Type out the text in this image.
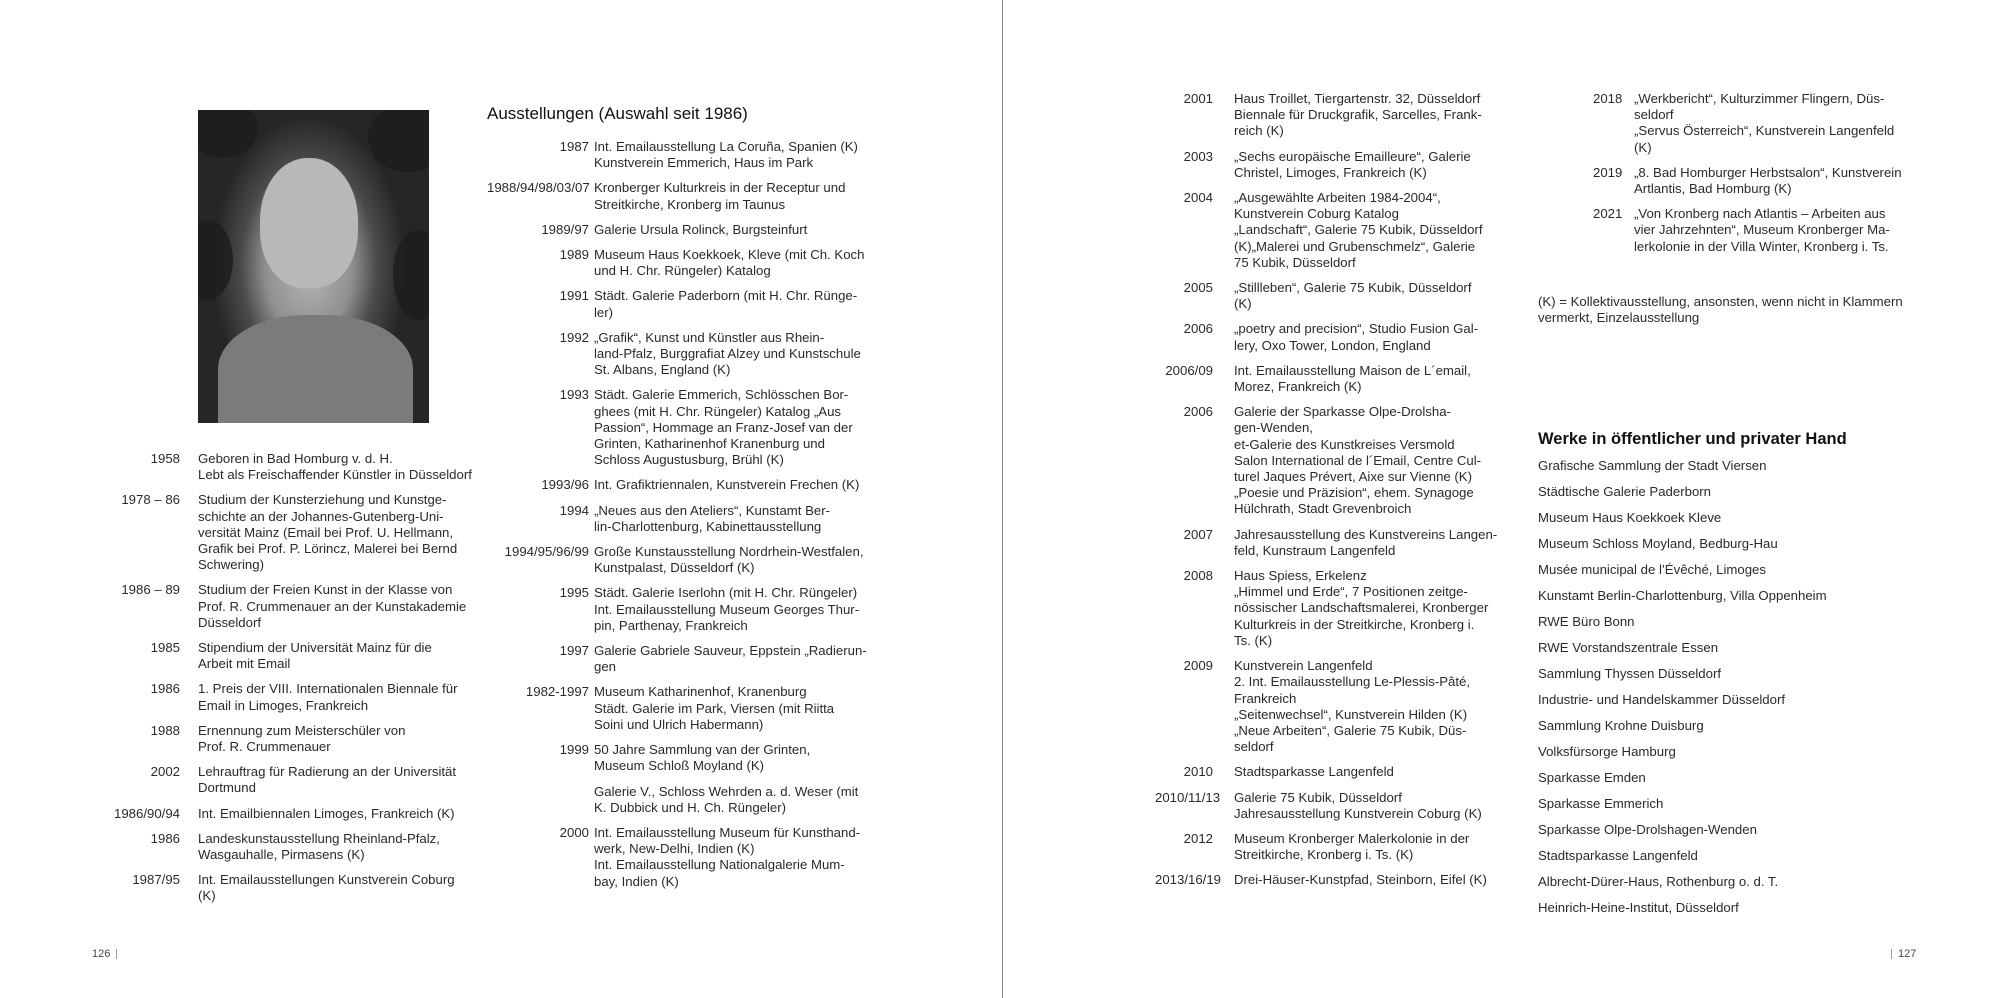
1958	Geboren in Bad Homburg v. d. H.
Lebt als Freischaffender Künstler in Düsseldorf
1978 – 86	Studium der Kunsterziehung und Kunstge-
schichte an der Johannes-Gutenberg-Uni-
versität Mainz (Email bei Prof. U. Hellmann,
Grafik bei Prof. P. Lörincz, Malerei bei Bernd
Schwering)
1986 – 89	Studium der Freien Kunst in der Klasse von
Prof. R. Crummenauer an der Kunstakademie
Düsseldorf
1985	Stipendium der Universität Mainz für die
Arbeit mit Email
1986	1. Preis der VIII. Internationalen Biennale für
Email in Limoges, Frankreich
1988	Ernennung zum Meisterschüler von
Prof. R. Crummenauer
2002	Lehrauftrag für Radierung an der Universität
Dortmund
1986/90/94	Int. Emailbiennalen Limoges, Frankreich (K)
1986	Landeskunstausstellung Rheinland-Pfalz,
Wasgauhalle, Pirmasens (K)
1987/95	Int. Emailausstellungen Kunstverein Coburg
(K)
Ausstellungen (Auswahl seit 1986)
1987 Int. Emailausstellung La Coruña, Spanien (K)
Kunstverein Emmerich, Haus im Park
1988/94/98/03/07 Kronberger Kulturkreis in der Receptur und
Streitkirche, Kronberg im Taunus
1989/97 Galerie Ursula Rolinck, Burgsteinfurt
1989 Museum Haus Koekkoek, Kleve (mit Ch. Koch
und H. Chr. Rüngeler) Katalog
1991 Städt. Galerie Paderborn (mit H. Chr. Rünge-
ler)
1992 „Grafik“, Kunst und Künstler aus Rhein-
land-Pfalz, Burggrafiat Alzey und Kunstschule
St. Albans, England (K)
1993 Städt. Galerie Emmerich, Schlösschen Bor-
ghees (mit H. Chr. Rüngeler) Katalog „Aus
Passion“, Hommage an Franz-Josef van der
Grinten, Katharinenhof Kranenburg und
Schloss Augustusburg, Brühl (K)
1993/96 Int. Grafiktriennalen, Kunstverein Frechen (K)
1994 „Neues aus den Ateliers“, Kunstamt Ber-
lin-Charlottenburg, Kabinettausstellung
1994/95/96/99 Große Kunstausstellung Nordrhein-Westfalen,
Kunstpalast, Düsseldorf (K)
1995 Städt. Galerie Iserlohn (mit H. Chr. Rüngeler)
Int. Emailausstellung Museum Georges Thur-
pin, Parthenay, Frankreich
1997 Galerie Gabriele Sauveur, Eppstein „Radierun-
gen
1982-1997 Museum Katharinenhof, Kranenburg
Städt. Galerie im Park, Viersen (mit Riitta
Soini und Ulrich Habermann)
1999 50 Jahre Sammlung van der Grinten,
Museum Schloß Moyland (K)
Galerie V., Schloss Wehrden a. d. Weser (mit
K. Dubbick und H. Ch. Rüngeler)
2000 Int. Emailausstellung Museum für Kunsthand-
werk, New-Delhi, Indien (K)
Int. Emailausstellung Nationalgalerie Mum-
bay, Indien (K)
126
2001	Haus Troillet, Tiergartenstr. 32, Düsseldorf
Biennale für Druckgrafik, Sarcelles, Frank-
reich (K)
2003	„Sechs europäische Emailleure“, Galerie
Christel, Limoges, Frankreich (K)
2004	„Ausgewählte Arbeiten 1984-2004“,
Kunstverein Coburg Katalog
„Landschaft“, Galerie 75 Kubik, Düsseldorf
(K)„Malerei und Grubenschmelz“, Galerie
75 Kubik, Düsseldorf
2005	„Stillleben“, Galerie 75 Kubik, Düsseldorf
(K)
2006	„poetry and precision“, Studio Fusion Gal-
lery, Oxo Tower, London, England
2006/09	Int. Emailausstellung Maison de L´email,
Morez, Frankreich (K)
2006	Galerie der Sparkasse Olpe-Drolsha-
gen-Wenden,
et-Galerie des Kunstkreises Versmold
Salon International de l´Email, Centre Cul-
turel Jaques Prévert, Aixe sur Vienne (K)
„Poesie und Präzision“, ehem. Synagoge
Hülchrath, Stadt Grevenbroich
2007	Jahresausstellung des Kunstvereins Langen-
feld, Kunstraum Langenfeld
2008	Haus Spiess, Erkelenz
„Himmel und Erde“, 7 Positionen zeitge-
nössischer Landschaftsmalerei, Kronberger
Kulturkreis in der Streitkirche, Kronberg i.
Ts. (K)
2009	Kunstverein Langenfeld
2. Int. Emailausstellung Le-Plessis-Pâté,
Frankreich
„Seitenwechsel“, Kunstverein Hilden (K)
„Neue Arbeiten“, Galerie 75 Kubik, Düs-
seldorf
2010	Stadtsparkasse Langenfeld
2010/11/13	Galerie 75 Kubik, Düsseldorf
Jahresausstellung Kunstverein Coburg (K)
2012	Museum Kronberger Malerkolonie in der
Streitkirche, Kronberg i. Ts. (K)
2013/16/19 Drei-Häuser-Kunstpfad, Steinborn, Eifel (K)
2018 „Werkbericht“, Kulturzimmer Flingern, Düs-
seldorf
„Servus Österreich“, Kunstverein Langenfeld
(K)
2019 „8. Bad Homburger Herbstsalon“, Kunstverein
Artlantis, Bad Homburg (K)
2021 „Von Kronberg nach Atlantis – Arbeiten aus
vier Jahrzehnten“, Museum Kronberger Ma-
lerkolonie in der Villa Winter, Kronberg i. Ts.
(K) = Kollektivausstellung, ansonsten, wenn nicht in Klammern
vermerkt, Einzelausstellung
Werke in öffentlicher und privater Hand
Grafische Sammlung der Stadt Viersen
Städtische Galerie Paderborn
Museum Haus Koekkoek Kleve
Museum Schloss Moyland, Bedburg-Hau
Musée municipal de l’Évêché, Limoges
Kunstamt Berlin-Charlottenburg, Villa Oppenheim
RWE Büro Bonn
RWE Vorstandszentrale Essen
Sammlung Thyssen Düsseldorf
Industrie- und Handelskammer Düsseldorf
Sammlung Krohne Duisburg
Volksfürsorge Hamburg
Sparkasse Emden
Sparkasse Emmerich
Sparkasse Olpe-Drolshagen-Wenden
Stadtsparkasse Langenfeld
Albrecht-Dürer-Haus, Rothenburg o. d. T.
Heinrich-Heine-Institut, Düsseldorf
127
